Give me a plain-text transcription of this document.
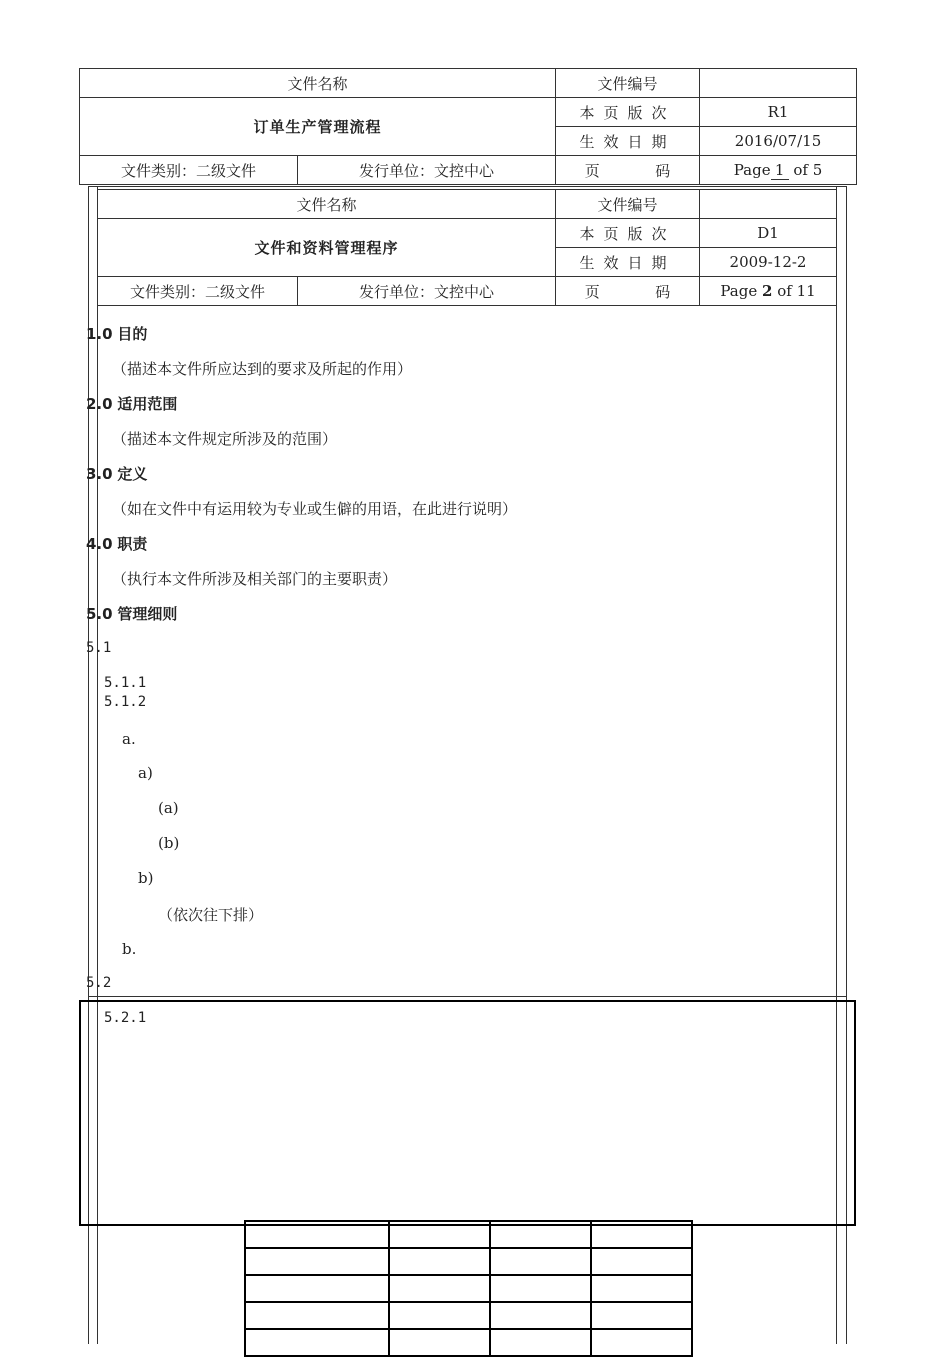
文件名称		文件编号	
订单生产管理流程		本页版次	R1
		生效日期	2016/07/15
文件类别：二级文件	发行单位：文控中心	页 码	Page 1 of 5
文件名称		文件编号	
文件和资料管理程序		本页版次	D1
		生效日期	2009-12-2
文件类别：二级文件	发行单位：文控中心	页 码	Page 2 of 11
1.0 目的
（描述本文件所应达到的要求及所起的作用）
2.0 适用范围
（描述本文件规定所涉及的范围）
3.0 定义
（如在文件中有运用较为专业或生僻的用语，在此进行说明）
4.0 职责
（执行本文件所涉及相关部门的主要职责）
5.0 管理细则
5.1
5.1.1
5.1.2
a.
a)
(a)
(b)
b)
（依次往下排）
b.
5.2
5.2.1
